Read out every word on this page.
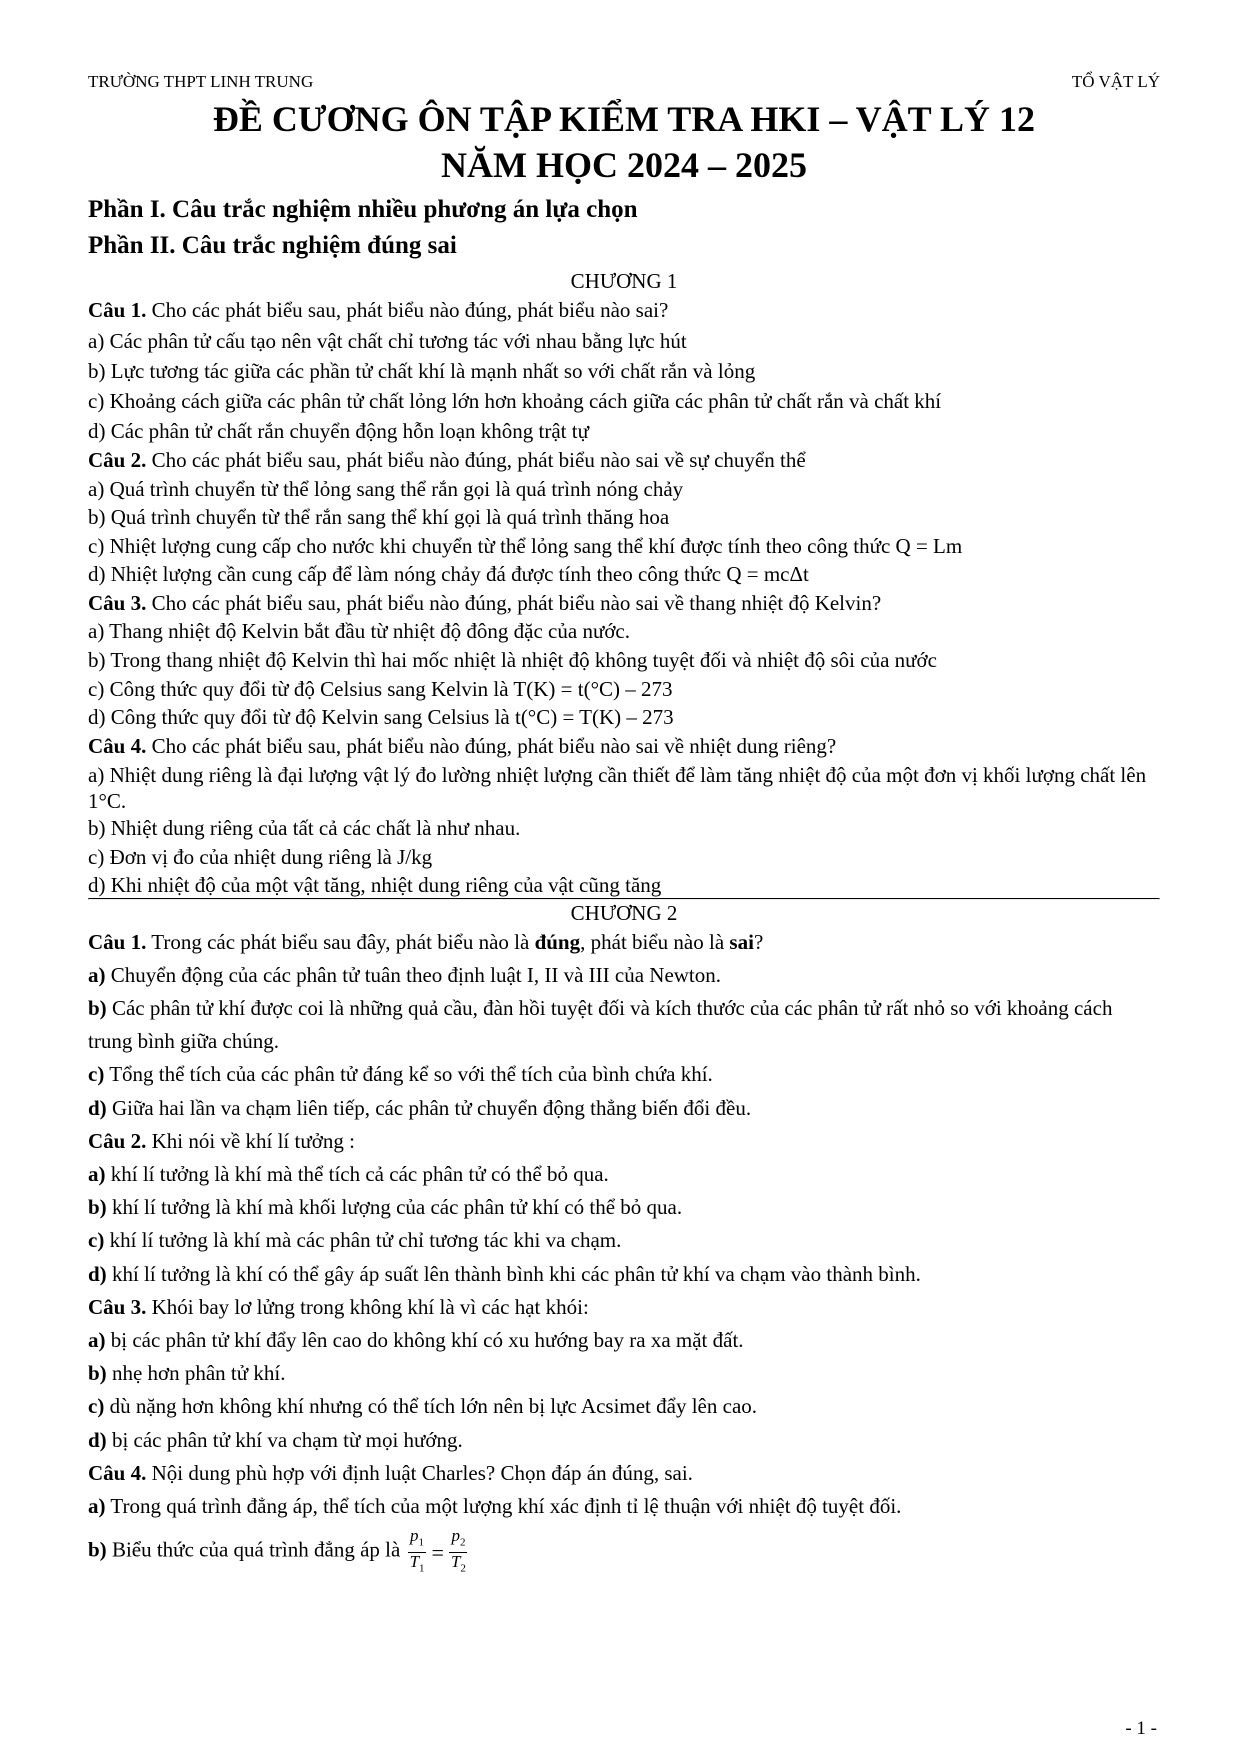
TRƯỜNG THPT LINH TRUNG	TỔ VẬT LÝ
ĐỀ CƯƠNG ÔN TẬP KIỂM TRA HKI – VẬT LÝ 12
NĂM HỌC 2024 – 2025
Phần I. Câu trắc nghiệm nhiều phương án lựa chọn
Phần II. Câu trắc nghiệm đúng sai
CHƯƠNG 1
Câu 1. Cho các phát biểu sau, phát biểu nào đúng, phát biểu nào sai?
a) Các phân tử cấu tạo nên vật chất chỉ tương tác với nhau bằng lực hút
b) Lực tương tác giữa các phần tử chất khí là mạnh nhất so với chất rắn và lỏng
c) Khoảng cách giữa các phân tử chất lỏng lớn hơn khoảng cách giữa các phân tử chất rắn và chất khí
d) Các phân tử chất rắn chuyển động hỗn loạn không trật tự
Câu 2. Cho các phát biểu sau, phát biểu nào đúng, phát biểu nào sai về sự chuyển thể
a) Quá trình chuyển từ thể lỏng sang thể rắn gọi là quá trình nóng chảy
b) Quá trình chuyển từ thể rắn sang thể khí gọi là quá trình thăng hoa
c) Nhiệt lượng cung cấp cho nước khi chuyển từ thể lỏng sang thể khí được tính theo công thức Q = Lm
d) Nhiệt lượng cần cung cấp để làm nóng chảy đá được tính theo công thức Q = mcΔt
Câu 3. Cho các phát biểu sau, phát biểu nào đúng, phát biểu nào sai về thang nhiệt độ Kelvin?
a) Thang nhiệt độ Kelvin bắt đầu từ nhiệt độ đông đặc của nước.
b) Trong thang nhiệt độ Kelvin thì hai mốc nhiệt là nhiệt độ không tuyệt đối và nhiệt độ sôi của nước
c) Công thức quy đổi từ độ Celsius sang Kelvin là T(K) = t(°C) – 273
d) Công thức quy đổi từ độ Kelvin sang Celsius là t(°C) = T(K) – 273
Câu 4. Cho các phát biểu sau, phát biểu nào đúng, phát biểu nào sai về nhiệt dung riêng?
a) Nhiệt dung riêng là đại lượng vật lý đo lường nhiệt lượng cần thiết để làm tăng nhiệt độ của một đơn vị khối lượng chất lên 1°C.
b) Nhiệt dung riêng của tất cả các chất là như nhau.
c) Đơn vị đo của nhiệt dung riêng là J/kg
d) Khi nhiệt độ của một vật tăng, nhiệt dung riêng của vật cũng tăng
CHƯƠNG 2
Câu 1. Trong các phát biểu sau đây, phát biểu nào là đúng, phát biểu nào là sai?
a) Chuyển động của các phân tử tuân theo định luật I, II và III của Newton.
b) Các phân tử khí được coi là những quả cầu, đàn hồi tuyệt đối và kích thước của các phân tử rất nhỏ so với khoảng cách trung bình giữa chúng.
c) Tổng thể tích của các phân tử đáng kể so với thể tích của bình chứa khí.
d) Giữa hai lần va chạm liên tiếp, các phân tử chuyển động thẳng biến đổi đều.
Câu 2. Khi nói về khí lí tưởng :
a) khí lí tưởng là khí mà thể tích cả các phân tử có thể bỏ qua.
b) khí lí tưởng là khí mà khối lượng của các phân tử khí có thể bỏ qua.
c) khí lí tưởng là khí mà các phân tử chỉ tương tác khi va chạm.
d) khí lí tưởng là khí có thể gây áp suất lên thành bình khi các phân tử khí va chạm vào thành bình.
Câu 3. Khói bay lơ lửng trong không khí là vì các hạt khói:
a) bị các phân tử khí đẩy lên cao do không khí có xu hướng bay ra xa mặt đất.
b) nhẹ hơn phân tử khí.
c) dù nặng hơn không khí nhưng có thể tích lớn nên bị lực Acsimet đẩy lên cao.
d) bị các phân tử khí va chạm từ mọi hướng.
Câu 4. Nội dung phù hợp với định luật Charles? Chọn đáp án đúng, sai.
a) Trong quá trình đẳng áp, thể tích của một lượng khí xác định tỉ lệ thuận với nhiệt độ tuyệt đối.
b) Biểu thức của quá trình đẳng áp là $\frac{p_1}{T_1} = \frac{p_2}{T_2}$
- 1 -
